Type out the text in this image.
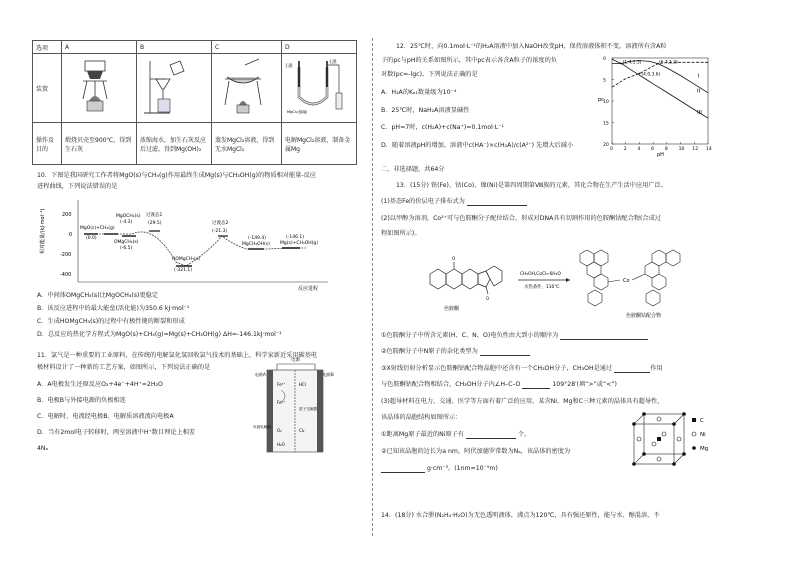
选项	A	B	C	D
装置				石墨
石墨
MgCl₂(熔融)

操作及目的	煅烧贝壳至900℃，得到生石灰	浓缩海水，加生石灰反应后过滤，得到Mg(OH)₂	蒸发MgCl₂溶液，得到无水MgCl₂	电解MgCl₂溶液，制备金属Mg
10．下图是我国研究工作者将MgO(s)与CH₄(g)作用最终生成Mg(s)与CH₃OH(g)的物质相对能量-反应
进程曲线，下列说法错误的是
相对能量/(kJ·mol⁻¹)	200
0
-200
-400
MgO(s)+CH₄(g)
(0.0)
MgOCH₄(s)
(-4.3)
OMgCH₄(s)
(-6.5)
过渡态1
(29.5)
HOMgCH₃(s)
(-321.1)
过渡态2
(-21.3)
MgCH₃OH(s)
(-149.4)
Mg(s)+CH₃OH(g)
(-146.1)
反应进程
A．中间体OMgCH₄(s)比MgOCH₄(s)更稳定
B．该反应进程中的最大能垒(活化能)为350.6 kJ·mol⁻¹
C．生成HOMgCH₃(s)的过程中有极性键的断裂和形成
D．总反应的热化学方程式为MgO(s)+CH₄(g)=Mg(s)+CH₃OH(g) ΔH=-146.1kJ·mol⁻¹
11．氯气是一种重要的工业原料，在传统的电解氯化氢回收氯气技术的基础上，科学家新近采用碳基电
极材料设计了一种新的工艺方案，如图所示，下列说法正确的是
A．A电极发生还原反应O₂+4e⁻+4H⁺=2H₂O
B．电极B与外接电源的负极相连
C．电解时，电流经电极B、电解质溶液流向电极A
D．当有2mol电子转移时，两室溶液中H⁺数目理论上相差
4Nₐ
电源
电极A	电极B
Fe³⁺
Fe²⁺
O₂
HCl
Cl₂
H₂O
质子交换膜
负载电解液
12．25℃时，向0.1mol·L⁻¹的H₂A溶液中加入NaOH改变pH，保持溶液体积不变。溶液所有含A粒
子的pc与pH的关系如图所示，其中pc表示各含A粒子的浓度的负
对数(pc=-lgc)。下列说法正确的是
A．H₂A的Kₐ₁数量级为10⁻⁴
B．25℃时，NaH₂A溶液显碱性
C．pH=7时，c(H₂A)+c(Na⁺)=0.1mol·L⁻¹
D．随着溶液pH的增加，溶液中c(HA⁻)×c(H₂A)/c(A²⁻) 先增大后减小
0 2 4 6 8 10 12 14
0
5
10
15
20
pH
pc
I
II
III
(1.4,1.3)	(6.7,1.3)
(4.0,3.6)
二、非选择题，共64分
13．(15分) 铁(Fe)、钴(Co)、镍(Ni)是第四周期第Ⅷ族的元素，其化合物在生产生活中应用广泛。
(1)基态Fe的价层电子排布式为
(2)以甲醇为溶剂，Co²⁺可与色胺酮分子配位结合，形成对DNA具有切割作用的色胺酮钴配合物(合成过
程如图所示)。
O
O
色胺酮
CH₃OH,CoCl₂·6H₂O
水热条件，110℃
Co
色胺酮钴配合物
①色胺酮分子中所含元素(H、C、N、O)电负性由大到小的顺序为
②色胺酮分子中N原子的杂化类型为
③X射线衍射分析显示色胺酮钴配合物晶胞中还含有一个CH₃OH分子，CH₃OH是通过	作用
与色胺酮钴配合物相结合，CH₃OH分子内∠H–C–O	109°28′(填“>”或“<”)
(3)超导材料在电力、交通、医学等方面有着广泛的应用，某含Ni、Mg和C三种元素的晶体具有超导性，
该晶体的晶胞结构如图所示：
①距离Mg原子最近的Ni原子有	个。
②已知该晶胞的边长为a nm，阿伏加德罗常数为Nₐ，该晶体的密度为
g·cm⁻³。(1nm=10⁻⁹m)
C
Ni
Mg
14．(18分) 水合肼(N₂H₄·H₂O)为无色透明液体，沸点为120℃，具有强还原性，能与水、醇混溶，不
